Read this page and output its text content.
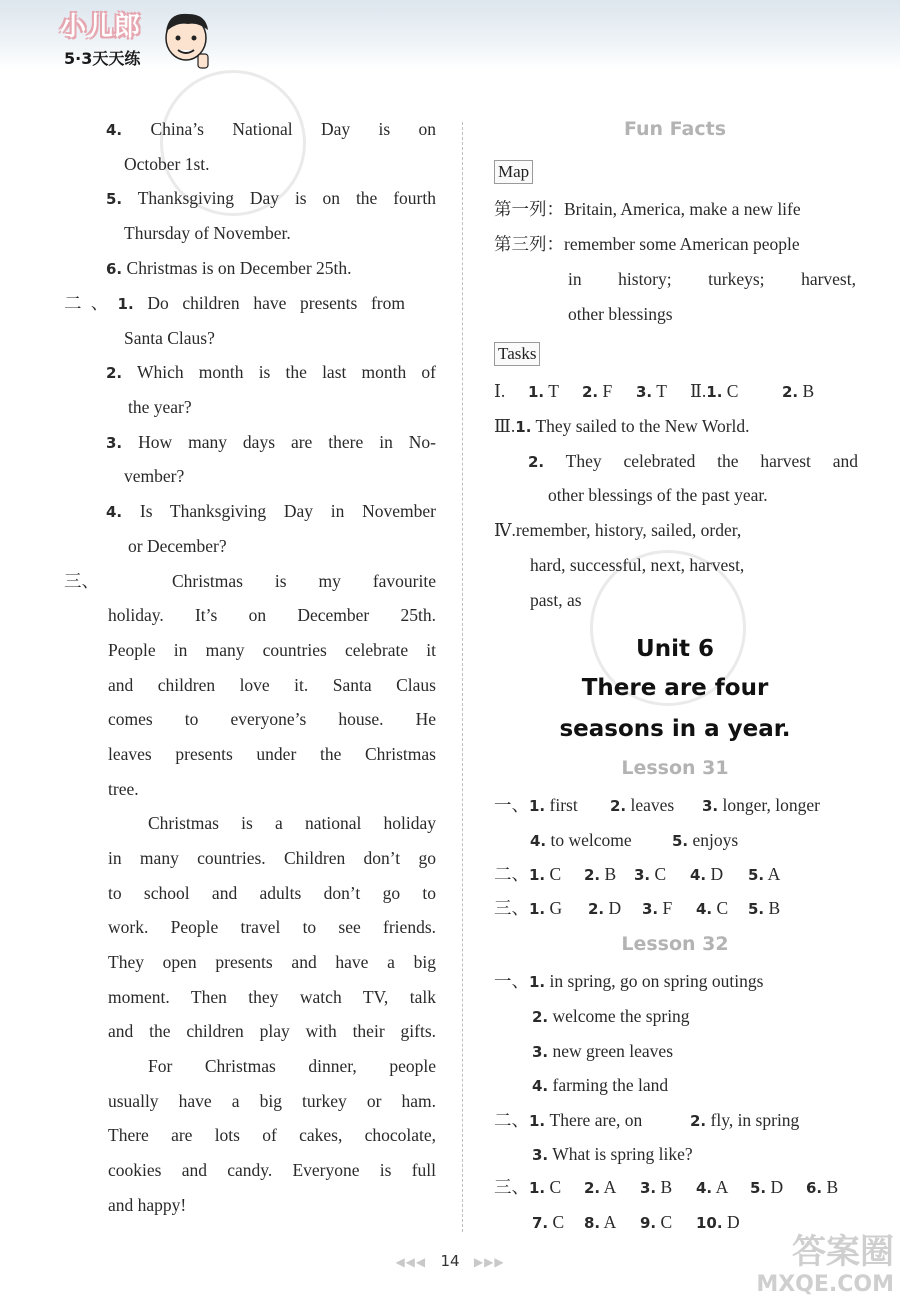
小儿郎
5·3天天练
4. China’s National Day is on
October 1st.
5. Thanksgiving Day is on the fourth
Thursday of November.
6. Christmas is on December 25th.
二、1. Do children have presents from
Santa Claus?
2. Which month is the last month of
the year?
3. How many days are there in No-
vember?
4. Is Thanksgiving Day in November
or December?
三、	Christmas is my favourite
holiday. It’s on December 25th.
People in many countries celebrate it
and children love it. Santa Claus
comes to everyone’s house. He
leaves presents under the Christmas
tree.
Christmas is a national holiday
in many countries. Children don’t go
to school and adults don’t go to
work. People travel to see friends.
They open presents and have a big
moment. Then they watch TV, talk
and the children play with their gifts.
For Christmas dinner, people
usually have a big turkey or ham.
There are lots of cakes, chocolate,
cookies and candy. Everyone is full
and happy!
第一列：Britain, America, make a new life
第三列：remember some American people
in history; turkeys; harvest,
other blessings
Ⅰ. 1. T 2. F 3. T Ⅱ.1. C	2. B
Ⅲ.1. They sailed to the New World.
2. They celebrated the harvest and
other blessings of the past year.
Ⅳ.remember, history, sailed, order,
hard, successful, next, harvest,
past, as
一、1. first 2. leaves 3. longer, longer
4. to welcome	5. enjoys
二、1. C 2. B 3. C 4. D 5. A
三、1. G 2. D 3. F 4. C 5. B
一、1. in spring, go on spring outings
2. welcome the spring
3. new green leaves
4. farming the land
二、1. There are, on	2. fly, in spring
3. What is spring like?
三、1. C 2. A 3. B 4. A 5. D 6. B
7. C 8. A 9. C 10. D
Fun Facts
Map
Tasks
Unit 6
There are four
seasons in a year.
Lesson 31
Lesson 32
◀◀◀ 14 ▶▶▶	答案圈
MXQE.COM
